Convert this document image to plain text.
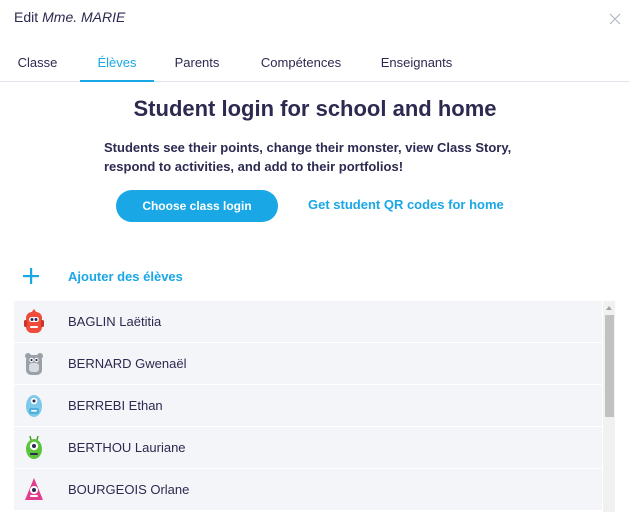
Edit Mme. MARIE
Classe	Élèves	Parents	Compétences	Enseignants
Student login for school and home
Students see their points, change their monster, view Class Story, respond to activities, and add to their portfolios!
Choose class login	Get student QR codes for home
Ajouter des élèves
BAGLIN Laëtitia
BERNARD Gwenaël
BERREBI Ethan
BERTHOU Lauriane
BOURGEOIS Orlane
